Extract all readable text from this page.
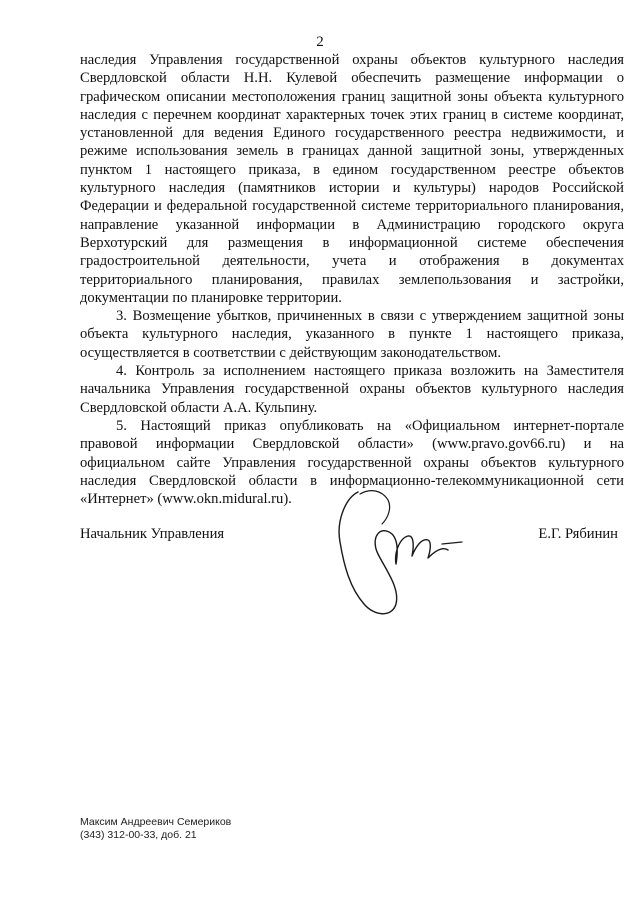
2

наследия Управления государственной охраны объектов культурного наследия Свердловской области Н.Н. Кулевой обеспечить размещение информации о графическом описании местоположения границ защитной зоны объекта культурного наследия с перечнем координат характерных точек этих границ в системе координат, установленной для ведения Единого государственного реестра недвижимости, и режиме использования земель в границах данной защитной зоны, утвержденных пунктом 1 настоящего приказа, в едином государственном реестре объектов культурного наследия (памятников истории и культуры) народов Российской Федерации и федеральной государственной системе территориального планирования, направление указанной информации в Администрацию городского округа Верхотурский для размещения в информационной системе обеспечения градостроительной деятельности, учета и отображения в документах территориального планирования, правилах землепользования и застройки, документации по планировке территории.

3. Возмещение убытков, причиненных в связи с утверждением защитной зоны объекта культурного наследия, указанного в пункте 1 настоящего приказа, осуществляется в соответствии с действующим законодательством.

4. Контроль за исполнением настоящего приказа возложить на Заместителя начальника Управления государственной охраны объектов культурного наследия Свердловской области А.А. Кульпину.

5. Настоящий приказ опубликовать на «Официальном интернет-портале правовой информации Свердловской области» (www.pravo.gov66.ru) и на официальном сайте Управления государственной охраны объектов культурного наследия Свердловской области в информационно-телекоммуникационной сети «Интернет» (www.okn.midural.ru).

Начальник Управления	Е.Г. Рябинин
Максим Андреевич Семериков
(343) 312-00-33, доб. 21
